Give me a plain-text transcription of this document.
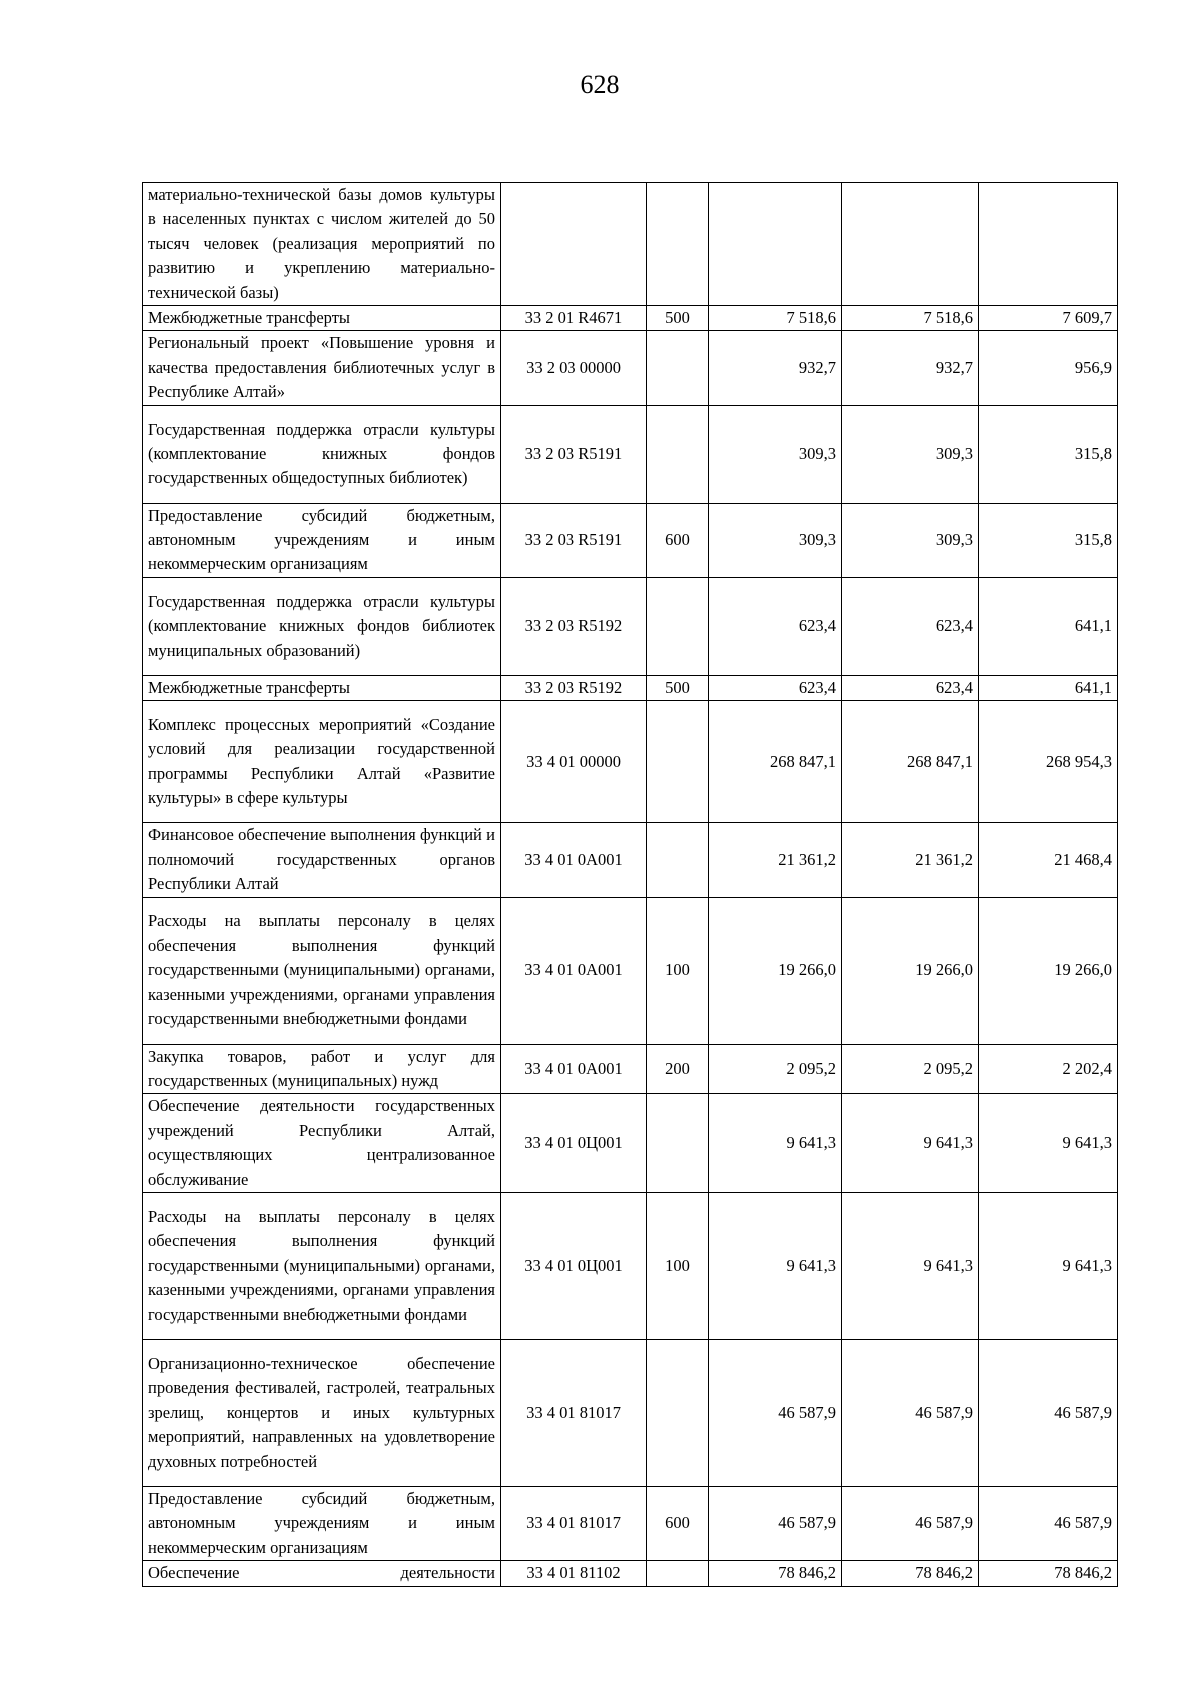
628
материально-технической базы домов культуры в населенных пунктах с числом жителей до 50 тысяч человек (реализация мероприятий по развитию и укреплению материально-технической базы)					
Межбюджетные трансферты	33 2 01 R4671	500	7 518,6	7 518,6	7 609,7
Региональный проект «Повышение уровня и качества предоставления библиотечных услуг в Республике Алтай»	33 2 03 00000		932,7	932,7	956,9
Государственная поддержка отрасли культуры (комплектование книжных фондов государственных общедоступных библиотек)	33 2 03 R5191		309,3	309,3	315,8
Предоставление субсидий бюджетным, автономным учреждениям и иным некоммерческим организациям	33 2 03 R5191	600	309,3	309,3	315,8
Государственная поддержка отрасли культуры (комплектование книжных фондов библиотек муниципальных образований)	33 2 03 R5192		623,4	623,4	641,1
Межбюджетные трансферты	33 2 03 R5192	500	623,4	623,4	641,1
Комплекс процессных мероприятий «Создание условий для реализации государственной программы Республики Алтай «Развитие культуры» в сфере культуры	33 4 01 00000		268 847,1	268 847,1	268 954,3
Финансовое обеспечение выполнения функций и полномочий государственных органов Республики Алтай	33 4 01 0А001		21 361,2	21 361,2	21 468,4
Расходы на выплаты персоналу в целях обеспечения выполнения функций государственными (муниципальными) органами, казенными учреждениями, органами управления государственными внебюджетными фондами	33 4 01 0А001	100	19 266,0	19 266,0	19 266,0
Закупка товаров, работ и услуг для государственных (муниципальных) нужд	33 4 01 0А001	200	2 095,2	2 095,2	2 202,4
Обеспечение деятельности государственных учреждений Республики Алтай, осуществляющих централизованное обслуживание	33 4 01 0Ц001		9 641,3	9 641,3	9 641,3
Расходы на выплаты персоналу в целях обеспечения выполнения функций государственными (муниципальными) органами, казенными учреждениями, органами управления государственными внебюджетными фондами	33 4 01 0Ц001	100	9 641,3	9 641,3	9 641,3
Организационно-техническое обеспечение проведения фестивалей, гастролей, театральных зрелищ, концертов и иных культурных мероприятий, направленных на удовлетворение духовных потребностей	33 4 01 81017		46 587,9	46 587,9	46 587,9
Предоставление субсидий бюджетным, автономным учреждениям и иным некоммерческим организациям	33 4 01 81017	600	46 587,9	46 587,9	46 587,9
Обеспечение деятельности	33 4 01 81102		78 846,2	78 846,2	78 846,2
